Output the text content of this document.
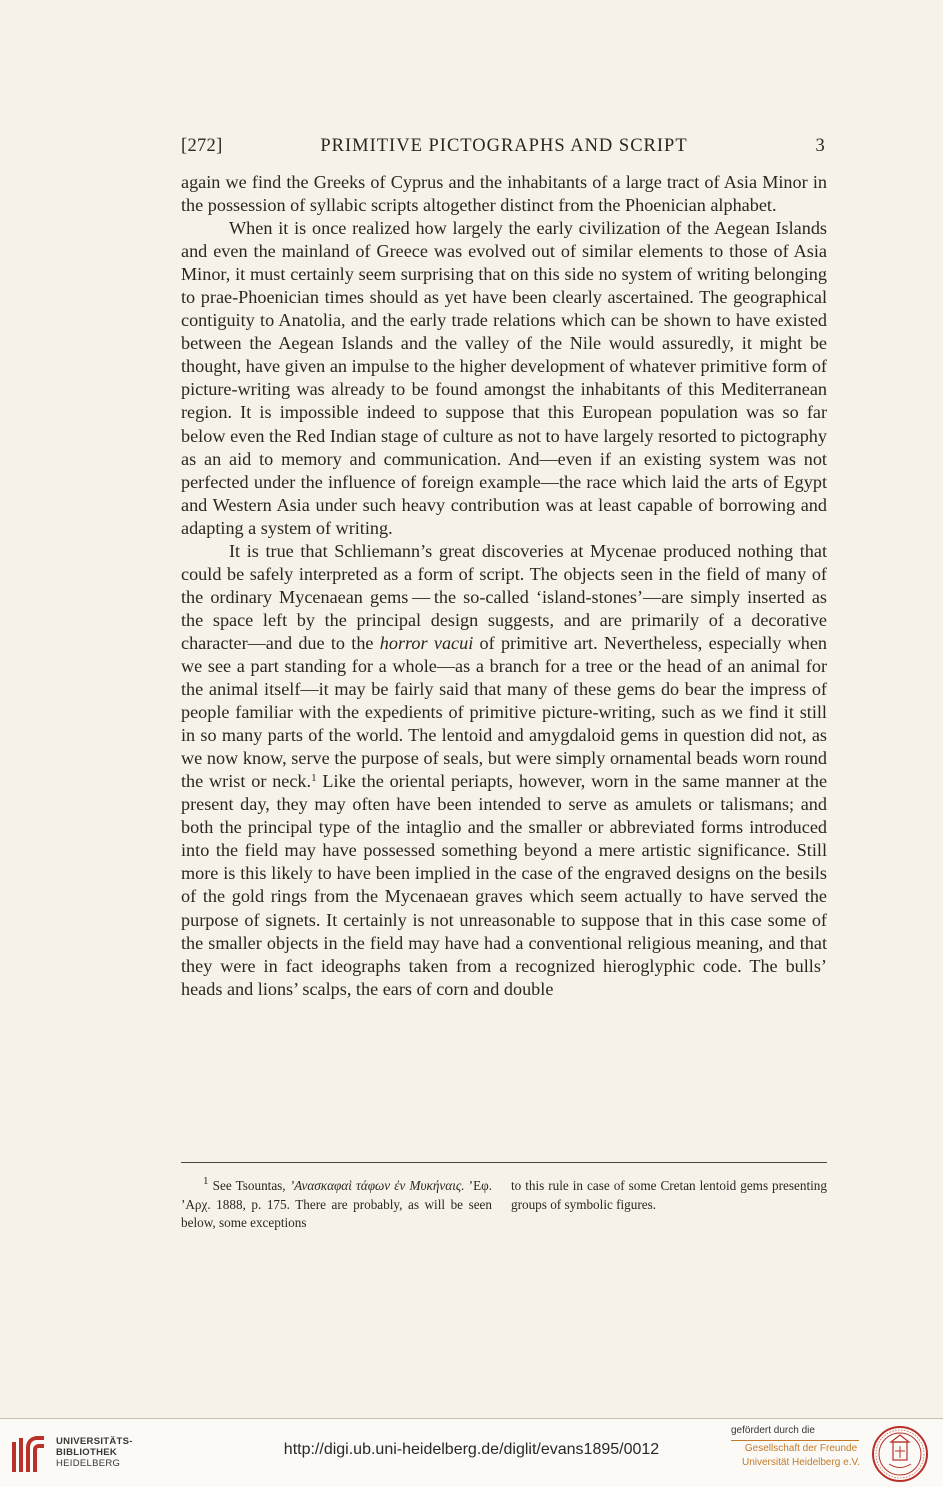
[272]	PRIMITIVE PICTOGRAPHS AND SCRIPT	3

again we find the Greeks of Cyprus and the inhabitants of a large tract of Asia Minor in the possession of syllabic scripts altogether distinct from the Phoenician alphabet.

When it is once realized how largely the early civilization of the Aegean Islands and even the mainland of Greece was evolved out of similar elements to those of Asia Minor, it must certainly seem surprising that on this side no system of writing belonging to prae-Phoenician times should as yet have been clearly ascertained. The geographical contiguity to Anatolia, and the early trade relations which can be shown to have existed between the Aegean Islands and the valley of the Nile would assuredly, it might be thought, have given an impulse to the higher development of whatever primitive form of picture-writing was already to be found amongst the inhabitants of this Mediterranean region. It is impossible indeed to suppose that this European population was so far below even the Red Indian stage of culture as not to have largely resorted to pictography as an aid to memory and communication. And—even if an existing system was not perfected under the influence of foreign example—the race which laid the arts of Egypt and Western Asia under such heavy contribution was at least capable of borrowing and adapting a system of writing.

It is true that Schliemann’s great discoveries at Mycenae produced nothing that could be safely interpreted as a form of script. The objects seen in the field of many of the ordinary Mycenaean gems — the so-called ‘island-stones’—are simply inserted as the space left by the principal design suggests, and are primarily of a decorative character—and due to the horror vacui of primitive art. Nevertheless, especially when we see a part standing for a whole—as a branch for a tree or the head of an animal for the animal itself—it may be fairly said that many of these gems do bear the impress of people familiar with the expedients of primitive picture-writing, such as we find it still in so many parts of the world. The lentoid and amygdaloid gems in question did not, as we now know, serve the purpose of seals, but were simply ornamental beads worn round the wrist or neck.$^1$ Like the oriental periapts, however, worn in the same manner at the present day, they may often have been intended to serve as amulets or talismans; and both the principal type of the intaglio and the smaller or abbreviated forms introduced into the field may have possessed something beyond a mere artistic significance. Still more is this likely to have been implied in the case of the engraved designs on the besils of the gold rings from the Mycenaean graves which seem actually to have served the purpose of signets. It certainly is not unreasonable to suppose that in this case some of the smaller objects in the field may have had a conventional religious meaning, and that they were in fact ideographs taken from a recognized hieroglyphic code. The bulls’ heads and lions’ scalps, the ears of corn and double

$^1$ See Tsountas, ’Ανασκαφαὶ τάφων ἐν Μυκήναις. ’Εφ. ’Αρχ. 1888, p. 175. There are probably, as will be seen below, some exceptions

to this rule in case of some Cretan lentoid gems presenting groups of symbolic figures.

UNIVERSITÄTS-
BIBLIOTHEK
HEIDELBERG
http://digi.ub.uni-heidelberg.de/diglit/evans1895/0012
gefördert durch die
Gesellschaft der Freunde
Universität Heidelberg e.V.
